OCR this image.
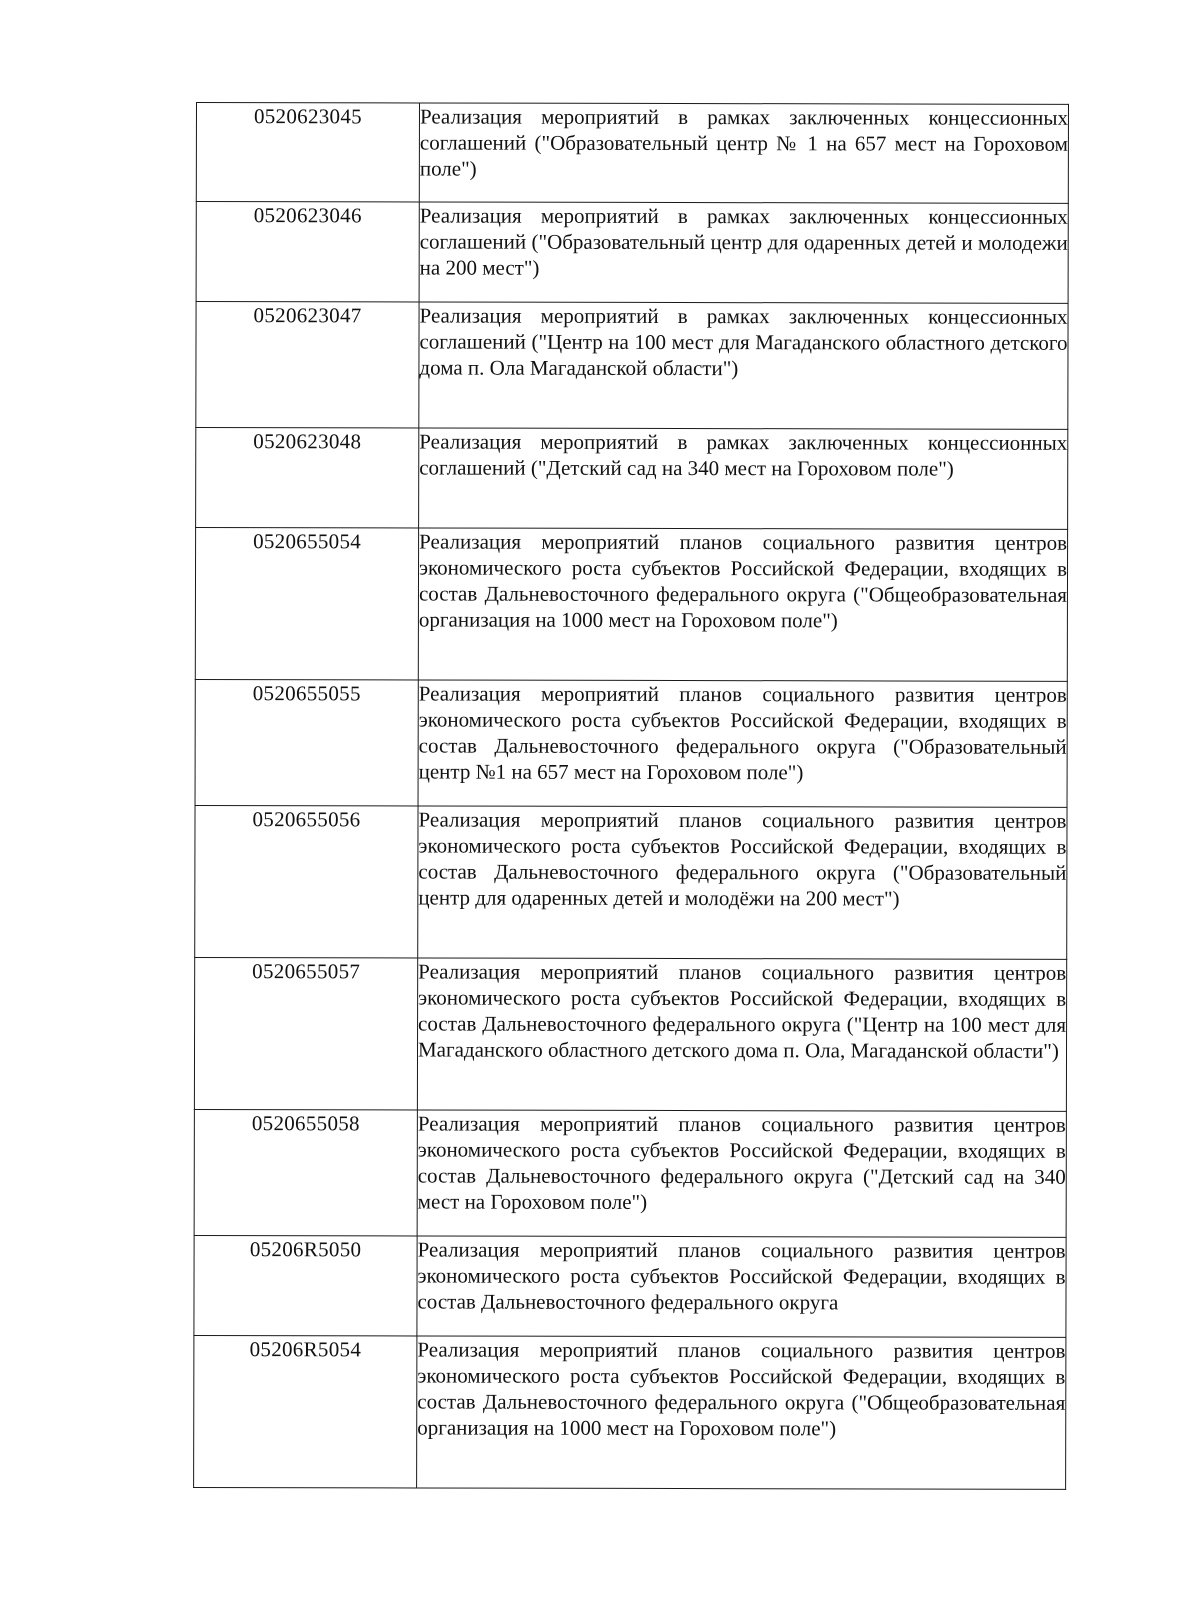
0520623045	Реализация мероприятий в рамках заключенных концессионных соглашений ("Образовательный центр № 1 на 657 мест на Гороховом поле")

0520623046	Реализация мероприятий в рамках заключенных концессионных соглашений ("Образовательный центр для одаренных детей и молодежи на 200 мест")

0520623047	Реализация мероприятий в рамках заключенных концессионных соглашений ("Центр на 100 мест для Магаданского областного детского дома п. Ола Магаданской области")

0520623048	Реализация мероприятий в рамках заключенных концессионных соглашений ("Детский сад на 340 мест на Гороховом поле")

0520655054	Реализация мероприятий планов социального развития центров экономического роста субъектов Российской Федерации, входящих в состав Дальневосточного федерального округа ("Общеобразовательная организация на 1000 мест на Гороховом поле")

0520655055	Реализация мероприятий планов социального развития центров экономического роста субъектов Российской Федерации, входящих в состав Дальневосточного федерального округа ("Образовательный центр №1 на 657 мест на Гороховом поле")

0520655056	Реализация мероприятий планов социального развития центров экономического роста субъектов Российской Федерации, входящих в состав Дальневосточного федерального округа ("Образовательный центр для одаренных детей и молодёжи на 200 мест")

0520655057	Реализация мероприятий планов социального развития центров экономического роста субъектов Российской Федерации, входящих в состав Дальневосточного федерального округа ("Центр на 100 мест для Магаданского областного детского дома п. Ола, Магаданской области")

0520655058	Реализация мероприятий планов социального развития центров экономического роста субъектов Российской Федерации, входящих в состав Дальневосточного федерального округа ("Детский сад на 340 мест на Гороховом поле")

05206R5050	Реализация мероприятий планов социального развития центров экономического роста субъектов Российской Федерации, входящих в состав Дальневосточного федерального округа

05206R5054	Реализация мероприятий планов социального развития центров экономического роста субъектов Российской Федерации, входящих в состав Дальневосточного федерального округа ("Общеобразовательная организация на 1000 мест на Гороховом поле")
